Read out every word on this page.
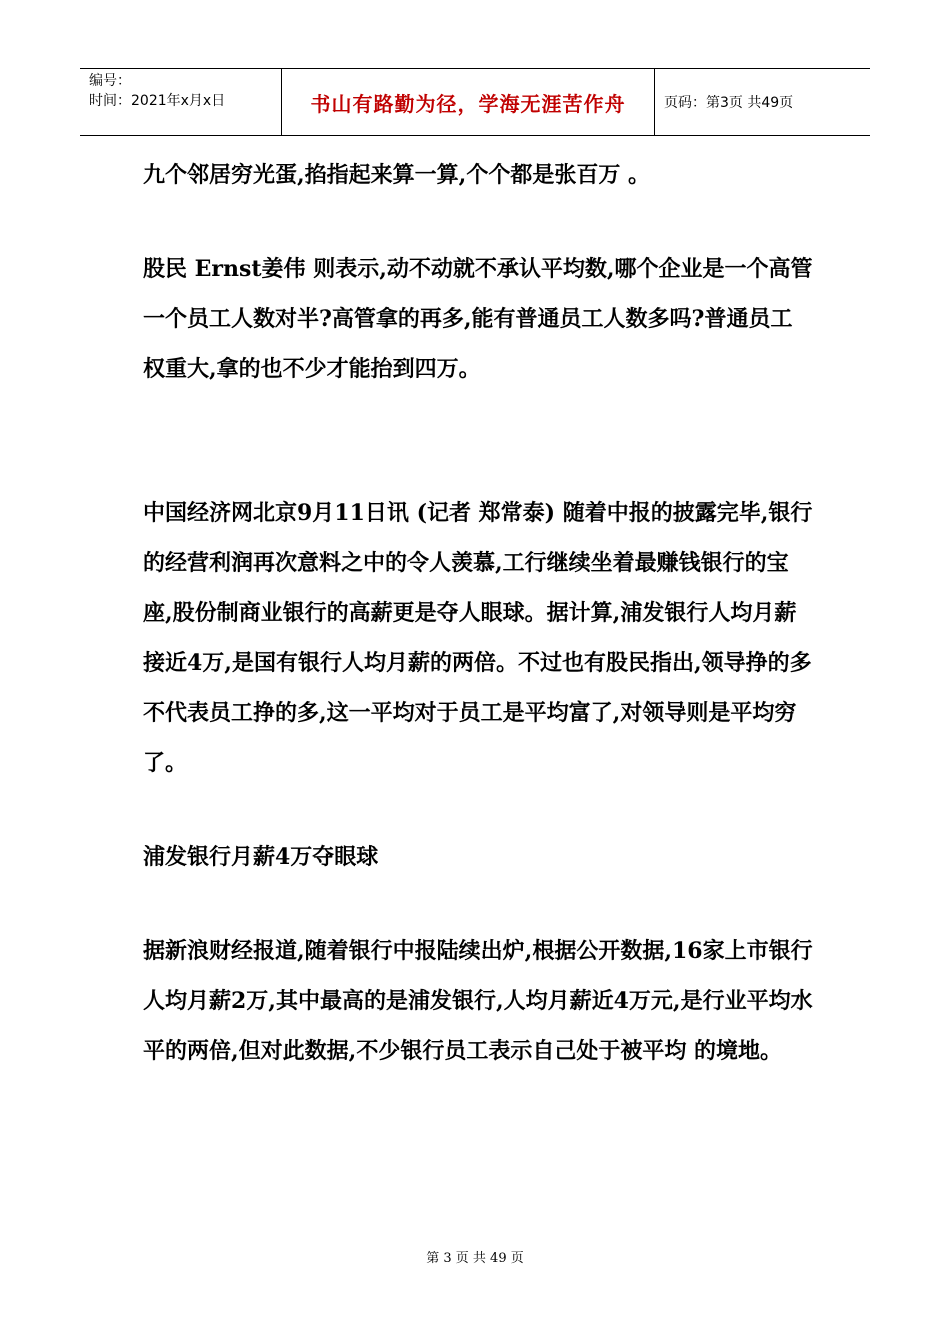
编号：
时间：2021年x月x日	书山有路勤为径，学海无涯苦作舟	页码：第3页 共49页

九个邻居穷光蛋,掐指起来算一算,个个都是张百万 。

股民 Ernst姜伟 则表示,动不动就不承认平均数,哪个企业是一个高管一个员工人数对半?高管拿的再多,能有普通员工人数多吗?普通员工权重大,拿的也不少才能抬到四万。

中国经济网北京9月11日讯 (记者 郑常泰) 随着中报的披露完毕,银行的经营利润再次意料之中的令人羡慕,工行继续坐着最赚钱银行的宝座,股份制商业银行的高薪更是夺人眼球。据计算,浦发银行人均月薪接近4万,是国有银行人均月薪的两倍。不过也有股民指出,领导挣的多不代表员工挣的多,这一平均对于员工是平均富了,对领导则是平均穷了。

浦发银行月薪4万夺眼球

据新浪财经报道,随着银行中报陆续出炉,根据公开数据,16家上市银行人均月薪2万,其中最高的是浦发银行,人均月薪近4万元,是行业平均水平的两倍,但对此数据,不少银行员工表示自己处于被平均 的境地。

第 3 页 共 49 页
